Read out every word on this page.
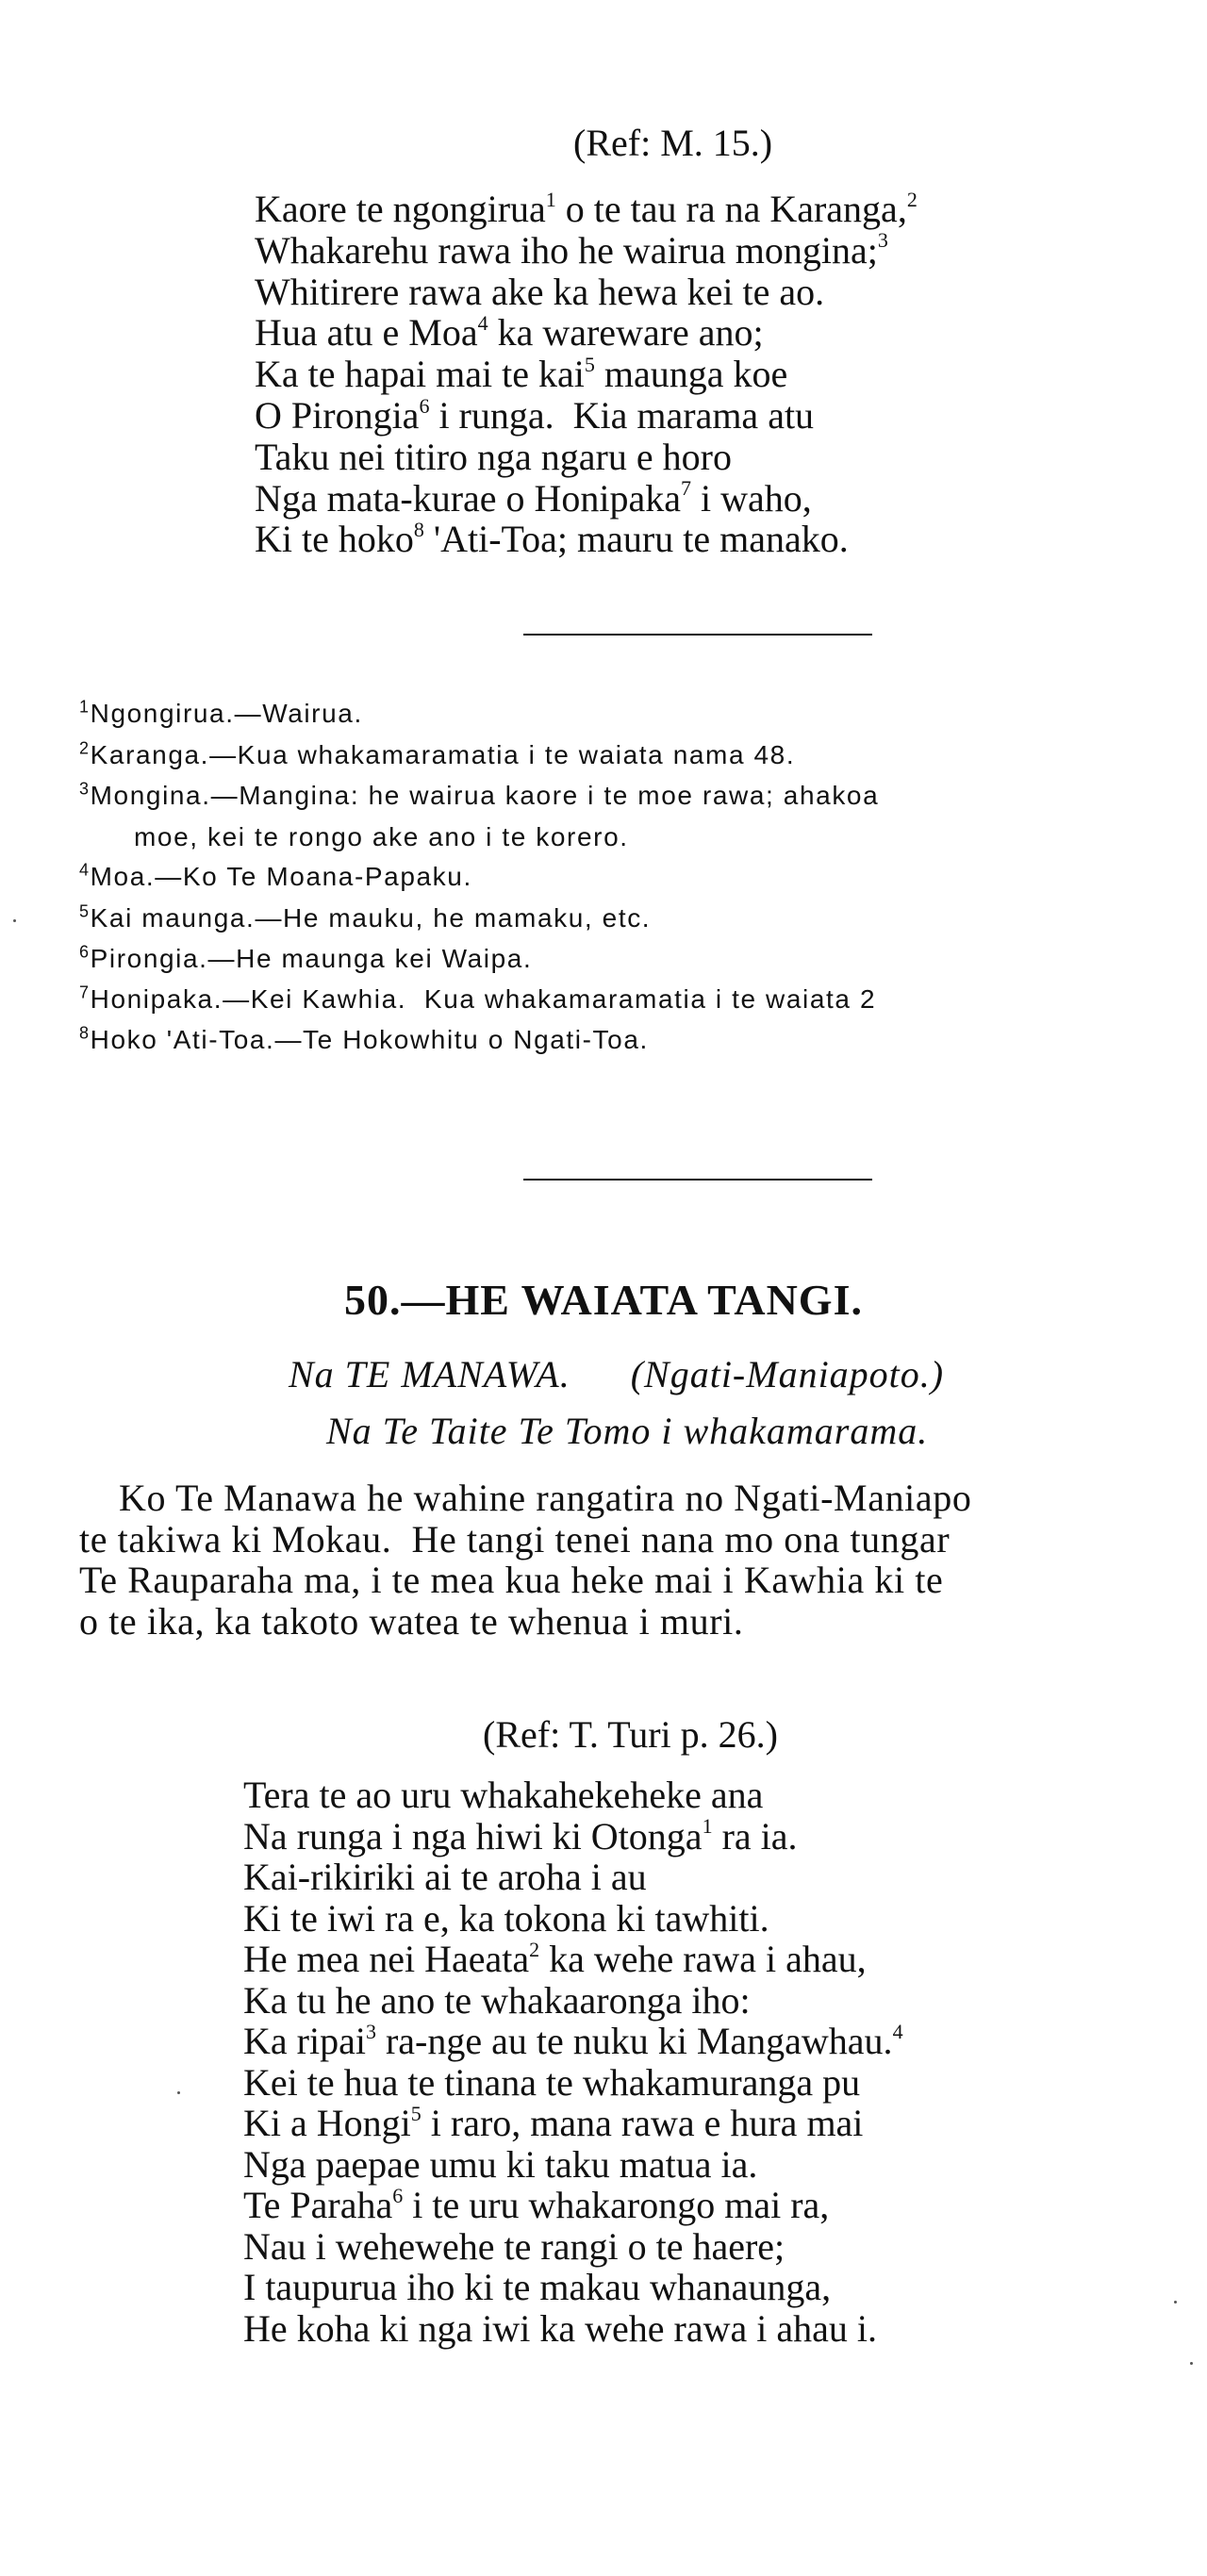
(Ref: M. 15.)
Kaore te ngongirua$^1$ o te tau ra na Karanga,$^2$
Whakarehu rawa iho he wairua mongina;$^3$
Whitirere rawa ake ka hewa kei te ao.
Hua atu e Moa$^4$ ka wareware ano;
Ka te hapai mai te kai$^5$ maunga koe
O Pirongia$^6$ i runga.  Kia marama atu
Taku nei titiro nga ngaru e horo
Nga mata-kurae o Honipaka$^7$ i waho,
Ki te hoko$^8$ 'Ati-Toa; mauru te manako.
$^1$Ngongirua.—Wairua.
$^2$Karanga.—Kua whakamaramatia i te waiata nama 48.
$^3$Mongina.—Mangina: he wairua kaore i te moe rawa; ahakoa
moe, kei te rongo ake ano i te korero.
$^4$Moa.—Ko Te Moana-Papaku.
$^5$Kai maunga.—He mauku, he mamaku, etc.
$^6$Pirongia.—He maunga kei Waipa.
$^7$Honipaka.—Kei Kawhia.  Kua whakamaramatia i te waiata 2
$^8$Hoko 'Ati-Toa.—Te Hokowhitu o Ngati-Toa.
50.—HE WAIATA TANGI.
Na TE MANAWA. (Ngati-Maniapoto.)
Na Te Taite Te Tomo i whakamarama.
Ko Te Manawa he wahine rangatira no Ngati-Maniapo
te takiwa ki Mokau.  He tangi tenei nana mo ona tungar
Te Rauparaha ma, i te mea kua heke mai i Kawhia ki te
o te ika, ka takoto watea te whenua i muri.
(Ref: T. Turi p. 26.)
Tera te ao uru whakahekeheke ana
Na runga i nga hiwi ki Otonga$^1$ ra ia.
Kai-rikiriki ai te aroha i au
Ki te iwi ra e, ka tokona ki tawhiti.
He mea nei Haeata$^2$ ka wehe rawa i ahau,
Ka tu he ano te whakaaronga iho:
Ka ripai$^3$ ra-nge au te nuku ki Mangawhau.$^4$
Kei te hua te tinana te whakamuranga pu
Ki a Hongi$^5$ i raro, mana rawa e hura mai
Nga paepae umu ki taku matua ia.
Te Paraha$^6$ i te uru whakarongo mai ra,
Nau i wehewehe te rangi o te haere;
I taupurua iho ki te makau whanaunga,
He koha ki nga iwi ka wehe rawa i ahau i.
